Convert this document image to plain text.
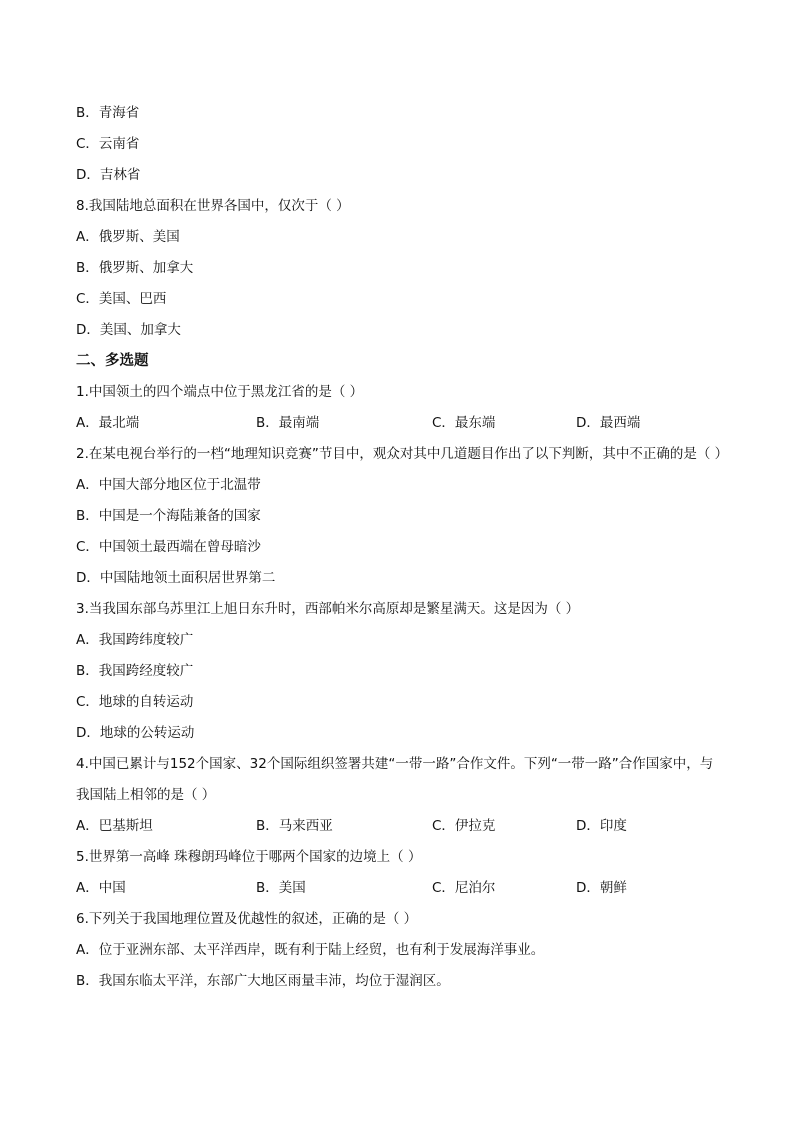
B．青海省
C．云南省
D．吉林省
8.我国陆地总面积在世界各国中，仅次于（ ）
A．俄罗斯、美国
B．俄罗斯、加拿大
C．美国、巴西
D．美国、加拿大
二、多选题
1.中国领土的四个端点中位于黑龙江省的是（ ）
A．最北端	B．最南端	C．最东端	D．最西端
2.在某电视台举行的一档“地理知识竞赛”节目中，观众对其中几道题目作出了以下判断，其中不正确的是（ ）
A．中国大部分地区位于北温带
B．中国是一个海陆兼备的国家
C．中国领土最西端在曾母暗沙
D．中国陆地领土面积居世界第二
3.当我国东部乌苏里江上旭日东升时，西部帕米尔高原却是繁星满天。这是因为（ ）
A．我国跨纬度较广
B．我国跨经度较广
C．地球的自转运动
D．地球的公转运动
4.中国已累计与152个国家、32个国际组织签署共建“一带一路”合作文件。下列“一带一路”合作国家中，与我国陆上相邻的是（ ）
A．巴基斯坦	B．马来西亚	C．伊拉克	D．印度
5.世界第一高峰 珠穆朗玛峰位于哪两个国家的边境上（ ）
A．中国	B．美国	C．尼泊尔	D．朝鲜
6.下列关于我国地理位置及优越性的叙述，正确的是（ ）
A．位于亚洲东部、太平洋西岸，既有利于陆上经贸，也有利于发展海洋事业。
B．我国东临太平洋，东部广大地区雨量丰沛，均位于湿润区。
